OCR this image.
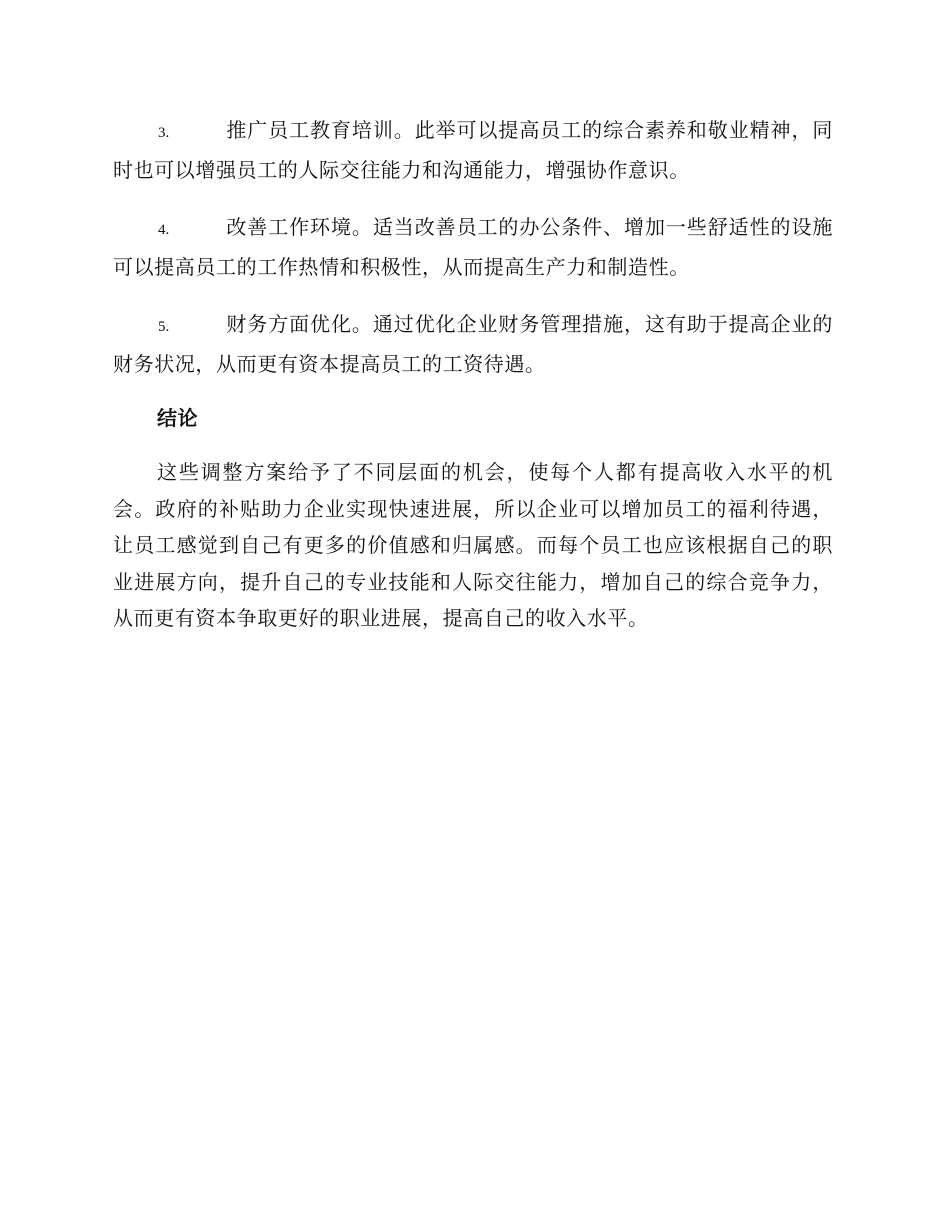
3.	推广员工教育培训。此举可以提高员工的综合素养和敬业精神，同时也可以增强员工的人际交往能力和沟通能力，增强协作意识。

4.	改善工作环境。适当改善员工的办公条件、增加一些舒适性的设施可以提高员工的工作热情和积极性，从而提高生产力和制造性。

5.	财务方面优化。通过优化企业财务管理措施，这有助于提高企业的财务状况，从而更有资本提高员工的工资待遇。

结论

这些调整方案给予了不同层面的机会，使每个人都有提高收入水平的机会。政府的补贴助力企业实现快速进展，所以企业可以增加员工的福利待遇，让员工感觉到自己有更多的价值感和归属感。而每个员工也应该根据自己的职业进展方向，提升自己的专业技能和人际交往能力，增加自己的综合竞争力，从而更有资本争取更好的职业进展，提高自己的收入水平。
